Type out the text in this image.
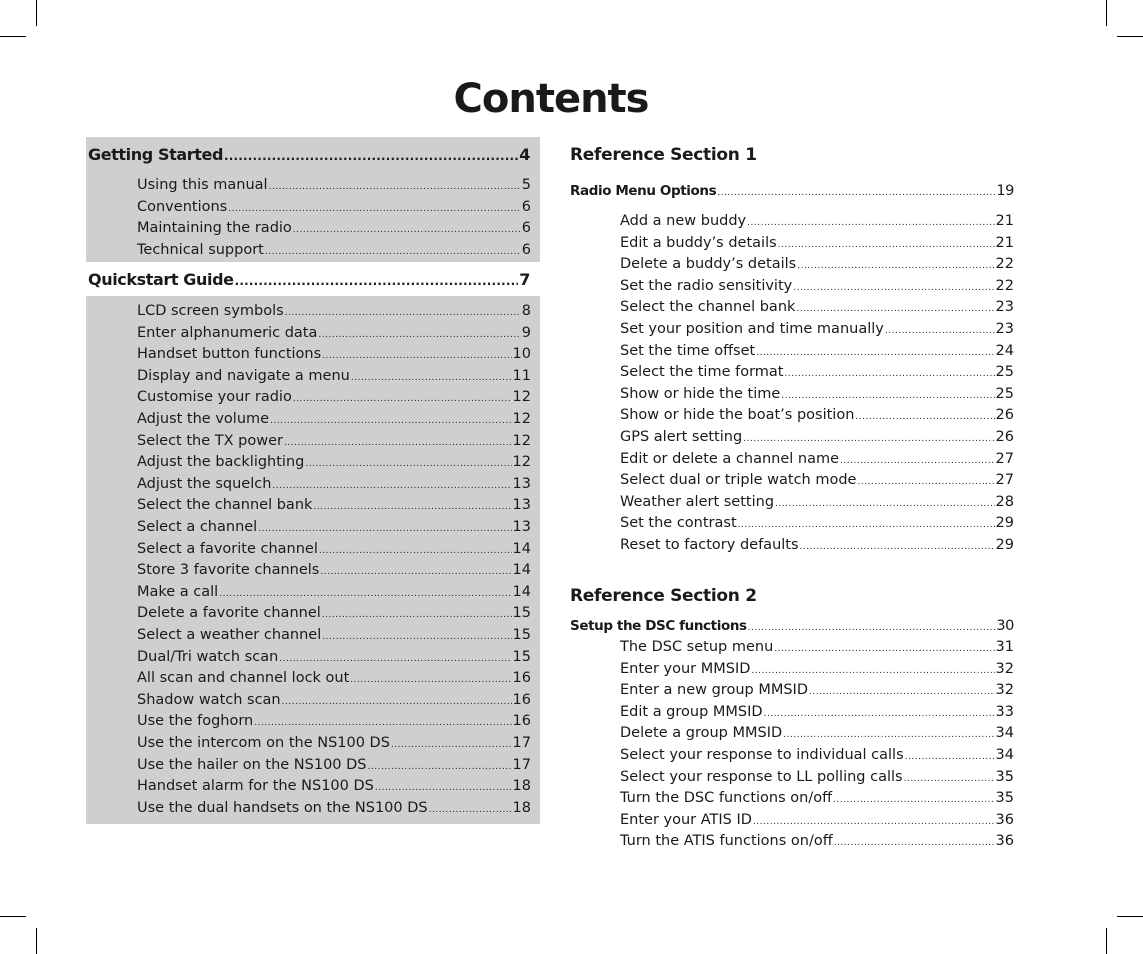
Contents
Getting Started .....	4
Using this manual .....	5
Conventions .....	6
Maintaining the radio .....	6
Technical support .....	6
Quickstart Guide .....	7
LCD screen symbols .....	8
Enter alphanumeric data .....	9
Handset button functions .....	10
Display and navigate a menu .....	11
Customise your radio .....	12
Adjust the volume .....	12
Select the TX power .....	12
Adjust the backlighting .....	12
Adjust the squelch .....	13
Select the channel bank .....	13
Select a channel .....	13
Select a favorite channel .....	14
Store 3 favorite channels .....	14
Make a call .....	14
Delete a favorite channel .....	15
Select a weather channel .....	15
Dual/Tri watch scan .....	15
All scan and channel lock out .....	16
Shadow watch scan .....	16
Use the foghorn .....	16
Use the intercom on the NS100 DS .....	17
Use the hailer on the NS100 DS .....	17
Handset alarm for the NS100 DS .....	18
Use the dual handsets on the NS100 DS .....	18
Reference Section 1
Radio Menu Options .....	19
Add a new buddy .....	21
Edit a buddy’s details .....	21
Delete a buddy’s details .....	22
Set the radio sensitivity .....	22
Select the channel bank .....	23
Set your position and time manually .....	23
Set the time offset .....	24
Select the time format .....	25
Show or hide the time .....	25
Show or hide the boat’s position .....	26
GPS alert setting .....	26
Edit or delete a channel name .....	27
Select dual or triple watch mode .....	27
Weather alert setting .....	28
Set the contrast .....	29
Reset to factory defaults .....	29
Reference Section 2
Setup the DSC functions .....	30
The DSC setup menu .....	31
Enter your MMSID .....	32
Enter a new group MMSID .....	32
Edit a group MMSID .....	33
Delete a group MMSID .....	34
Select your response to individual calls .....	34
Select your response to LL polling calls .....	35
Turn the DSC functions on/off .....	35
Enter your ATIS ID .....	36
Turn the ATIS functions on/off .....	36
